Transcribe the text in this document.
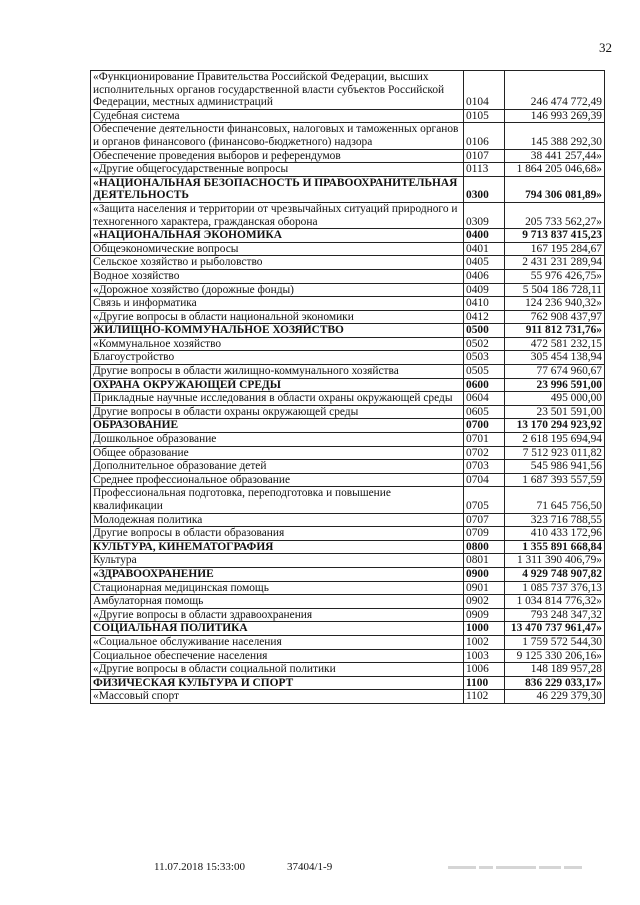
32
«Функционирование Правительства Российской Федерации, высших исполнительных органов государственной власти субъектов Российской Федерации, местных администраций	0104	246 474 772,49
Судебная система	0105	146 993 269,39
Обеспечение деятельности финансовых, налоговых и таможенных органов и органов финансового (финансово-бюджетного) надзора	0106	145 388 292,30
Обеспечение проведения выборов и референдумов	0107	38 441 257,44»
«Другие общегосударственные вопросы	0113	1 864 205 046,68»
«НАЦИОНАЛЬНАЯ БЕЗОПАСНОСТЬ И ПРАВООХРАНИТЕЛЬНАЯ ДЕЯТЕЛЬНОСТЬ	0300	794 306 081,89»
«Защита населения и территории от чрезвычайных ситуаций природного и техногенного характера, гражданская оборона	0309	205 733 562,27»
«НАЦИОНАЛЬНАЯ ЭКОНОМИКА	0400	9 713 837 415,23
Общеэкономические вопросы	0401	167 195 284,67
Сельское хозяйство и рыболовство	0405	2 431 231 289,94
Водное хозяйство	0406	55 976 426,75»
«Дорожное хозяйство (дорожные фонды)	0409	5 504 186 728,11
Связь и информатика	0410	124 236 940,32»
«Другие вопросы в области национальной экономики	0412	762 908 437,97
ЖИЛИЩНО-КОММУНАЛЬНОЕ ХОЗЯЙСТВО	0500	911 812 731,76»
«Коммунальное хозяйство	0502	472 581 232,15
Благоустройство	0503	305 454 138,94
Другие вопросы в области жилищно-коммунального хозяйства	0505	77 674 960,67
ОХРАНА ОКРУЖАЮЩЕЙ СРЕДЫ	0600	23 996 591,00
Прикладные научные исследования в области охраны окружающей среды	0604	495 000,00
Другие вопросы в области охраны окружающей среды	0605	23 501 591,00
ОБРАЗОВАНИЕ	0700	13 170 294 923,92
Дошкольное образование	0701	2 618 195 694,94
Общее образование	0702	7 512 923 011,82
Дополнительное образование детей	0703	545 986 941,56
Среднее профессиональное образование	0704	1 687 393 557,59
Профессиональная подготовка, переподготовка и повышение квалификации	0705	71 645 756,50
Молодежная политика	0707	323 716 788,55
Другие вопросы в области образования	0709	410 433 172,96
КУЛЬТУРА, КИНЕМАТОГРАФИЯ	0800	1 355 891 668,84
Культура	0801	1 311 390 406,79»
«ЗДРАВООХРАНЕНИЕ	0900	4 929 748 907,82
Стационарная медицинская помощь	0901	1 085 737 376,13
Амбулаторная помощь	0902	1 034 814 776,32»
«Другие вопросы в области здравоохранения	0909	793 248 347,32
СОЦИАЛЬНАЯ ПОЛИТИКА	1000	13 470 737 961,47»
«Социальное обслуживание населения	1002	1 759 572 544,30
Социальное обеспечение населения	1003	9 125 330 206,16»
«Другие вопросы в области социальной политики	1006	148 189 957,28
ФИЗИЧЕСКАЯ КУЛЬТУРА И СПОРТ	1100	836 229 033,17»
«Массовый спорт	1102	46 229 379,30
11.07.2018 15:33:00	37404/1-9
